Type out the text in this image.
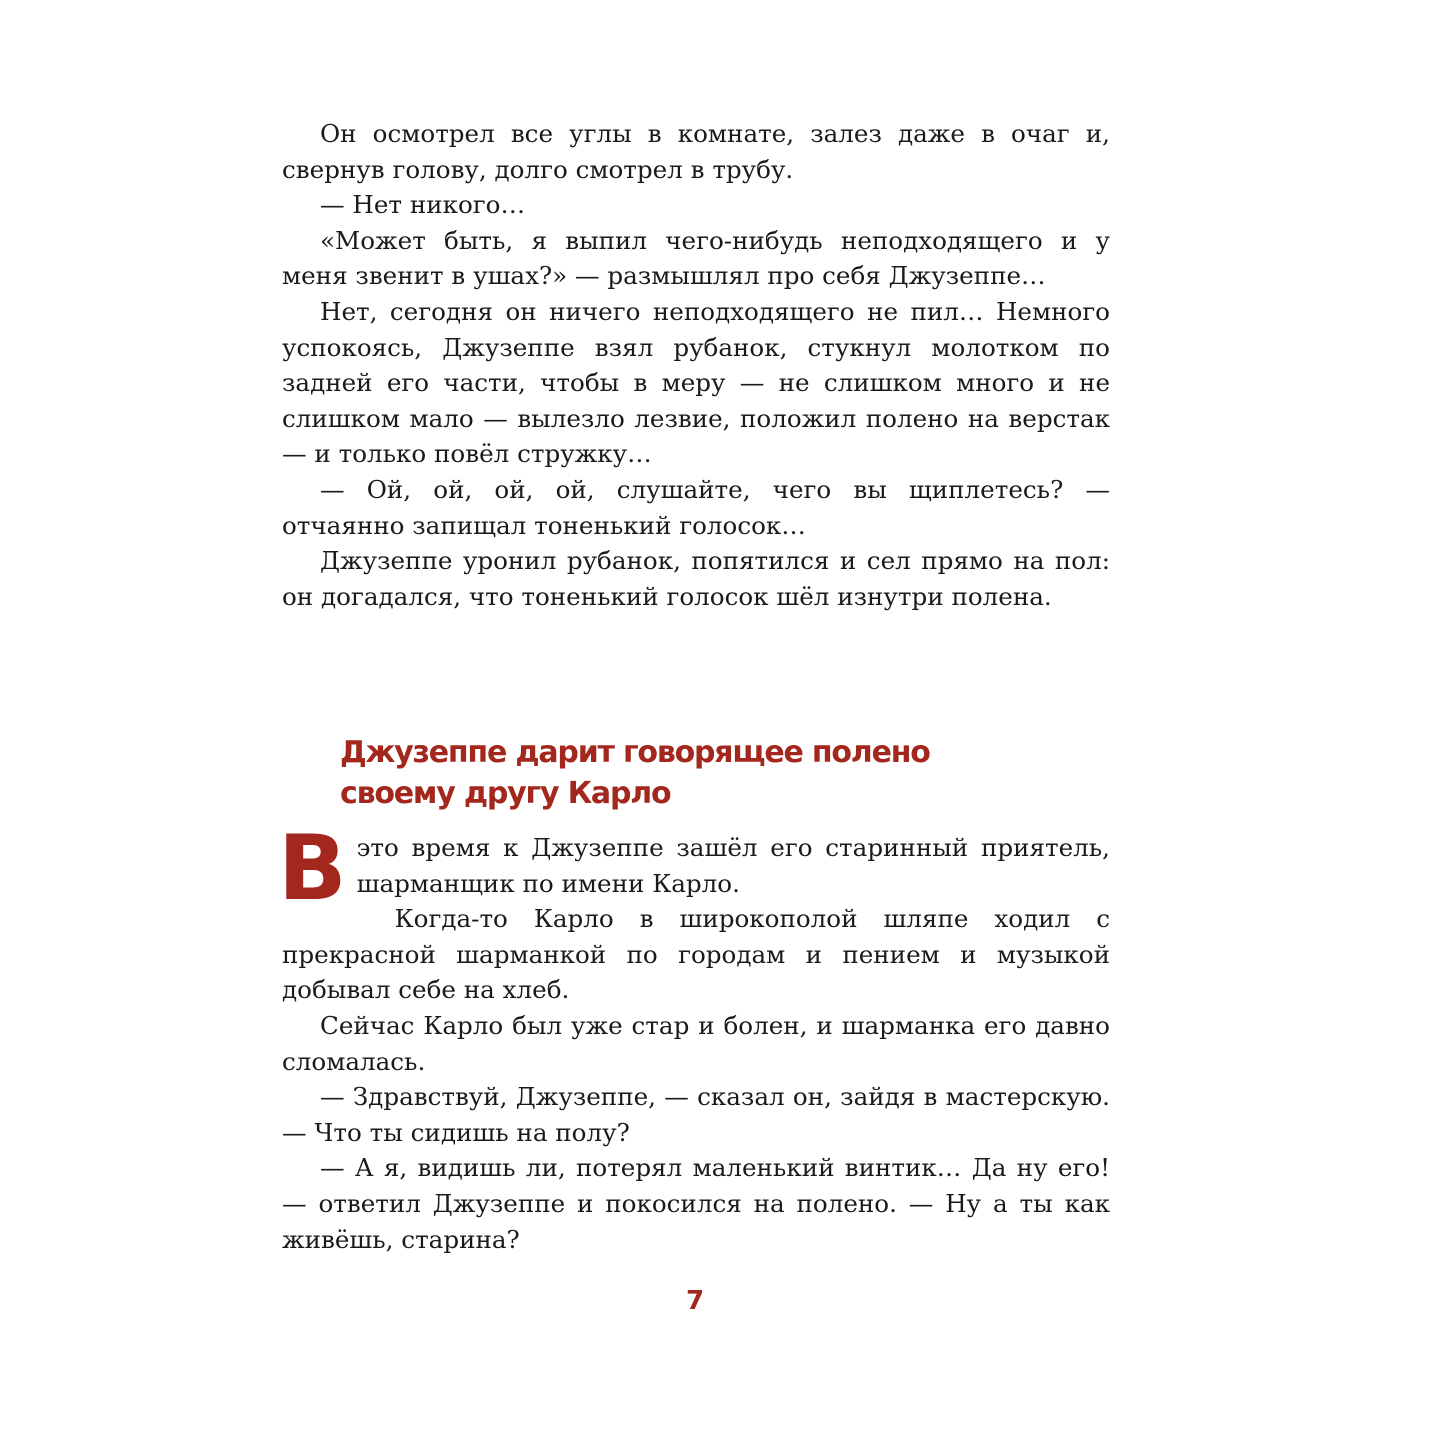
Он осмотрел все углы в комнате, залез даже в очаг и, свернув голову, долго смотрел в трубу.

— Нет никого…

«Может быть, я выпил чего-нибудь неподходящего и у меня звенит в ушах?» — размышлял про себя Джузеппе…

Нет, сегодня он ничего неподходящего не пил… Немного успокоясь, Джузеппе взял рубанок, стукнул молотком по задней его части, чтобы в меру — не слишком много и не слишком мало — вылезло лезвие, положил полено на верстак — и только повёл стружку…

— Ой, ой, ой, ой, слушайте, чего вы щиплетесь? — отчаянно запищал тоненький голосок…

Джузеппе уронил рубанок, попятился и сел прямо на пол: он догадался, что тоненький голосок шёл изнутри полена.

Джузеппе дарит говорящее полено
своему другу Карло

Вэто время к Джузеппе зашёл его старинный приятель, шарманщик по имени Карло.

Когда-то Карло в широкополой шляпе ходил с прекрасной шарманкой по городам и пением и музыкой добывал себе на хлеб.

Сейчас Карло был уже стар и болен, и шарманка его давно сломалась.

— Здравствуй, Джузеппе, — сказал он, зайдя в мастерскую. — Что ты сидишь на полу?

— А я, видишь ли, потерял маленький винтик… Да ну его! — ответил Джузеппе и покосился на полено. — Ну а ты как живёшь, старина?

7
